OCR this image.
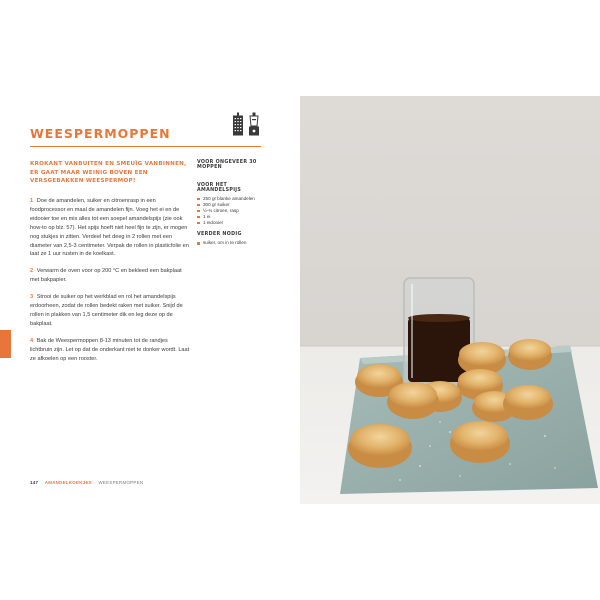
WEESPERMOPPEN
KROKANT VANBUITEN EN SMEUÏG VANBINNEN, ER GAAT MAAR WEINIG BOVEN EEN VERSGEBAKKEN WEESPERMOP!

1 Doe de amandelen, suiker en citroenrasp in een foodprocessor en maal de amandelen fijn. Voeg het ei en de eidooier toe en mix alles tot een soepel amandelspijs (zie ook how-to op blz. 57). Het spijs hoeft niet heel fijn te zijn, er mogen nog stukjes in zitten. Verdeel het deeg in 2 rollen met een diameter van 2,5-3 centimeter. Verpak de rollen in plasticfolie en laat ze 1 uur rusten in de koelkast.

2 Verwarm de oven voor op 200 °C en bekleed een bakplaat met bakpapier.

3 Strooi de suiker op het werkblad en rol het amandelspijs erdoorheen, zodat de rollen bedekt raken met suiker. Snijd de rollen in plakken van 1,5 centimeter dik en leg deze op de bakplaat.

4 Bak de Weespermoppen 8-13 minuten tot de randjes lichtbruin zijn. Let op dat de onderkant niet te donker wordt. Laat ze afkoelen op een rooster.

VOOR ONGEVEER 30 MOPPEN
VOOR HET AMANDELSPIJS
250 gr blanke amandelen
300 gr suiker
½-¾ citroen, rasp
1 ei
1 eidooier
VERDER NODIG
suiker, om in te rollen
147 AMANDELKOEKJES WEESPERMOPPEN
